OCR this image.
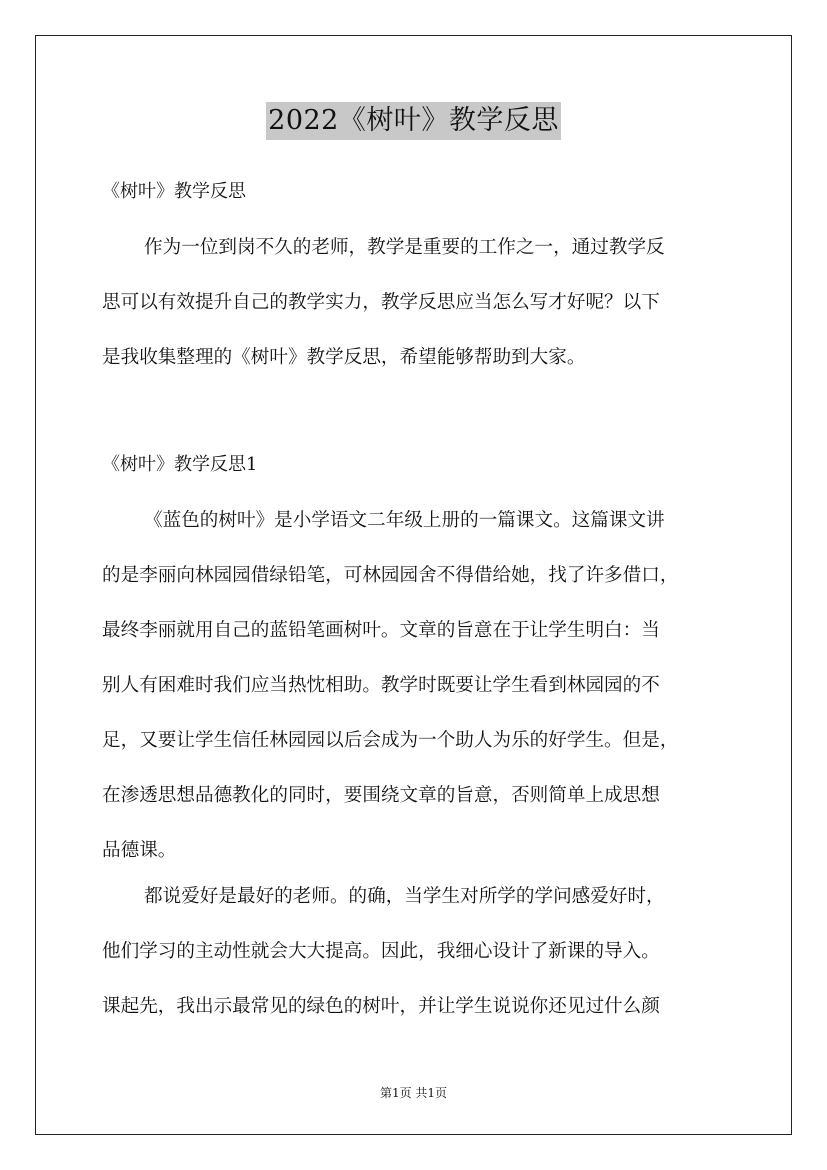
2022《树叶》教学反思
《树叶》教学反思
作为一位到岗不久的老师，教学是重要的工作之一，通过教学反
思可以有效提升自己的教学实力，教学反思应当怎么写才好呢？以下
是我收集整理的《树叶》教学反思，希望能够帮助到大家。
《树叶》教学反思1
《蓝色的树叶》是小学语文二年级上册的一篇课文。这篇课文讲
的是李丽向林园园借绿铅笔，可林园园舍不得借给她，找了许多借口，
最终李丽就用自己的蓝铅笔画树叶。文章的旨意在于让学生明白：当
别人有困难时我们应当热忱相助。教学时既要让学生看到林园园的不
足，又要让学生信任林园园以后会成为一个助人为乐的好学生。但是，
在渗透思想品德教化的同时，要围绕文章的旨意，否则简单上成思想
品德课。
都说爱好是最好的老师。的确，当学生对所学的学问感爱好时，
他们学习的主动性就会大大提高。因此，我细心设计了新课的导入。
课起先，我出示最常见的绿色的树叶，并让学生说说你还见过什么颜
第1页 共1页
